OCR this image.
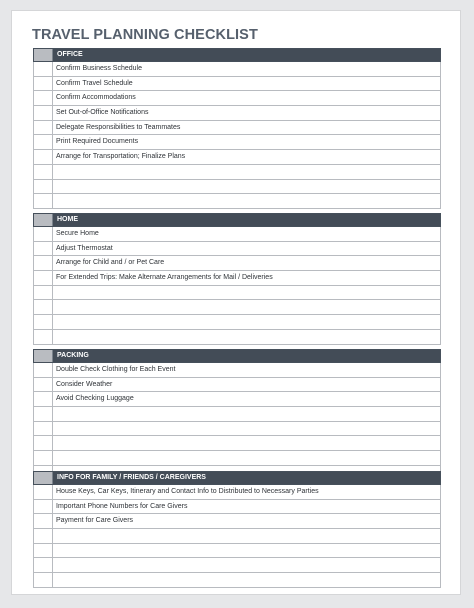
TRAVEL PLANNING CHECKLIST
OFFICE
Confirm Business Schedule
Confirm Travel Schedule
Confirm Accommodations
Set Out-of-Office Notifications
Delegate Responsibilities to Teammates
Print Required Documents
Arrange for Transportation; Finalize Plans
HOME
Secure Home
Adjust Thermostat
Arrange for Child and / or Pet Care
For Extended Trips: Make Alternate Arrangements for Mail / Deliveries
PACKING
Double Check Clothing for Each Event
Consider Weather
Avoid Checking Luggage
INFO FOR FAMILY / FRIENDS / CAREGIVERS
House Keys, Car Keys, Itinerary and Contact Info to Distributed to Necessary Parties
Important Phone Numbers for Care Givers
Payment for Care Givers
